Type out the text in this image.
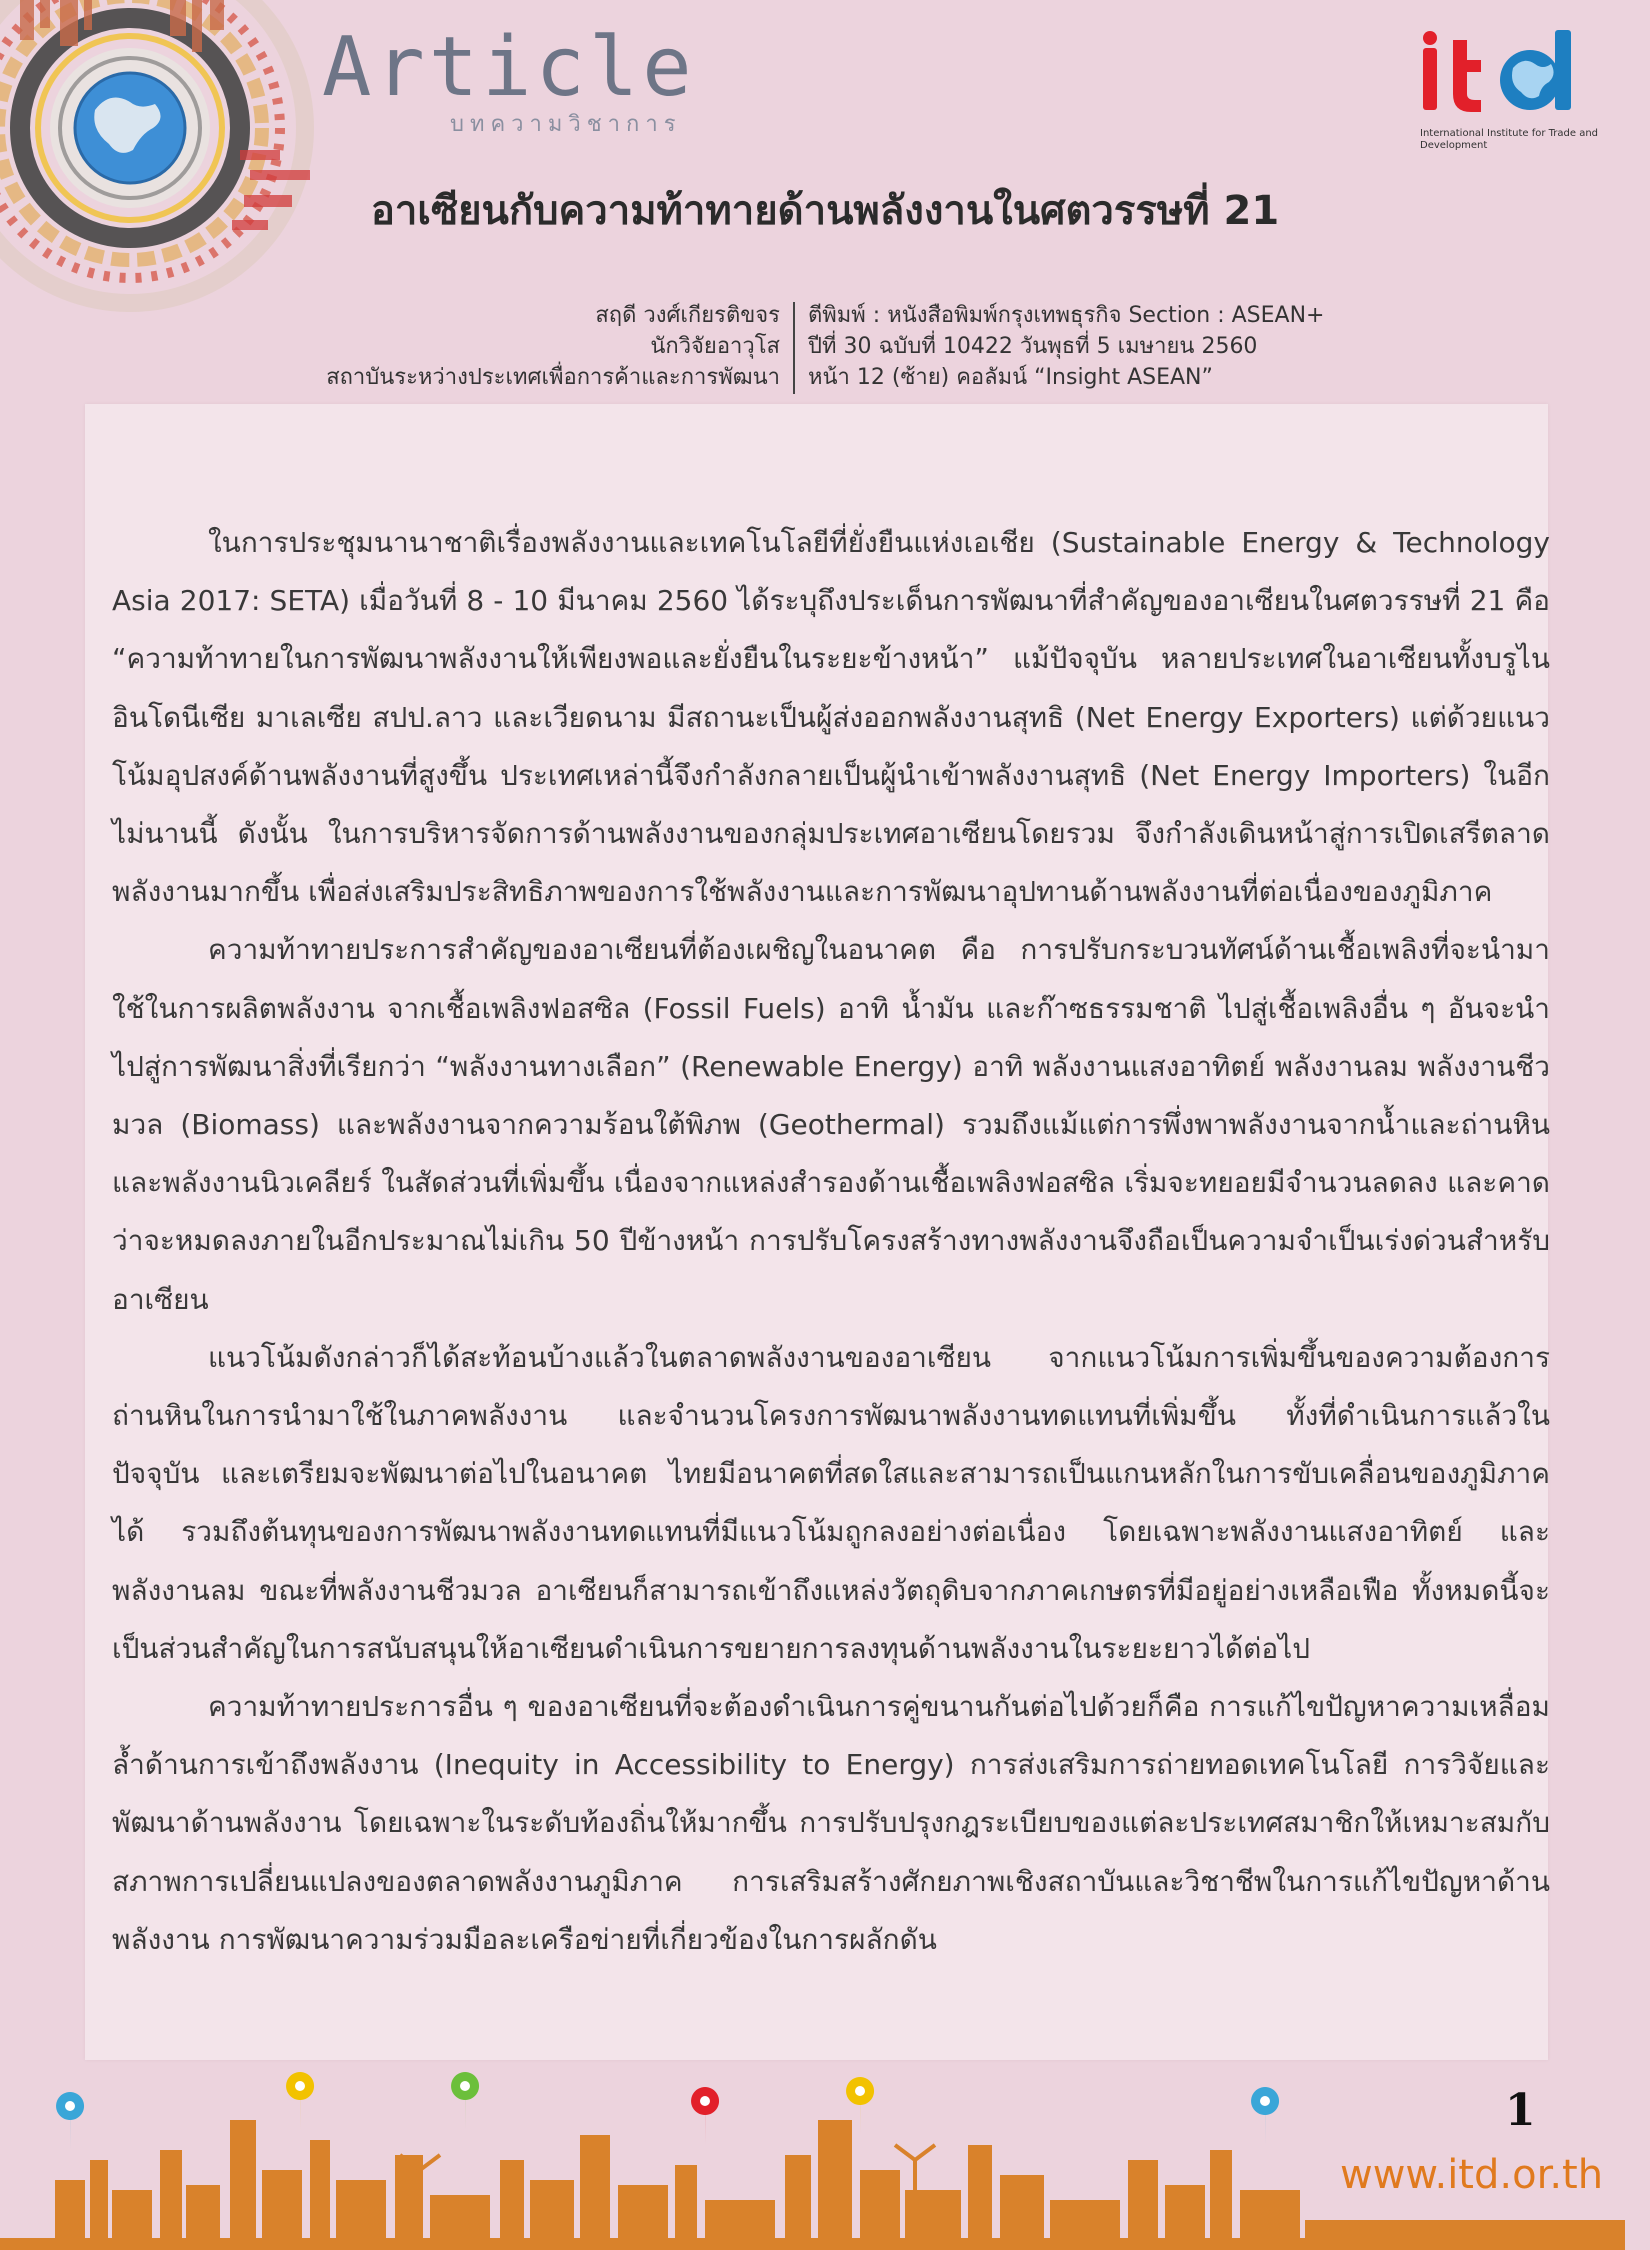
Article
บทความวิชาการ	International Institute for Trade and Development
อาเซียนกับความท้าทายด้านพลังงานในศตวรรษที่ 21
สฤดี วงศ์เกียรติขจร
นักวิจัยอาวุโส
สถาบันระหว่างประเทศเพื่อการค้าและการพัฒนา
ตีพิมพ์ : หนังสือพิมพ์กรุงเทพธุรกิจ Section : ASEAN+
ปีที่ 30 ฉบับที่ 10422 วันพุธที่ 5 เมษายน 2560
หน้า 12 (ซ้าย) คอลัมน์ “Insight ASEAN”

ในการประชุมนานาชาติเรื่องพลังงานและเทคโนโลยีที่ยั่งยืนแห่งเอเชีย (Sustainable Energy & Technology Asia 2017: SETA) เมื่อวันที่ 8 - 10 มีนาคม 2560 ได้ระบุถึงประเด็นการพัฒนาที่สำคัญของอาเซียนในศตวรรษที่ 21 คือ “ความท้าทายในการพัฒนาพลังงานให้เพียงพอและยั่งยืนในระยะข้างหน้า” แม้ปัจจุบัน หลายประเทศในอาเซียนทั้งบรูไน อินโดนีเซีย มาเลเซีย สปป.ลาว และเวียดนาม มีสถานะเป็นผู้ส่งออกพลังงานสุทธิ (Net Energy Exporters) แต่ด้วยแนวโน้มอุปสงค์ด้านพลังงานที่สูงขึ้น ประเทศเหล่านี้จึงกำลังกลายเป็นผู้นำเข้าพลังงานสุทธิ (Net Energy Importers) ในอีกไม่นานนี้ ดังนั้น ในการบริหารจัดการด้านพลังงานของกลุ่มประเทศอาเซียนโดยรวม จึงกำลังเดินหน้าสู่การเปิดเสรีตลาดพลังงานมากขึ้น เพื่อส่งเสริมประสิทธิภาพของการใช้พลังงานและการพัฒนาอุปทานด้านพลังงานที่ต่อเนื่องของภูมิภาค

ความท้าทายประการสำคัญของอาเซียนที่ต้องเผชิญในอนาคต คือ การปรับกระบวนทัศน์ด้านเชื้อเพลิงที่จะนำมาใช้ในการผลิตพลังงาน จากเชื้อเพลิงฟอสซิล (Fossil Fuels) อาทิ น้ำมัน และก๊าซธรรมชาติ ไปสู่เชื้อเพลิงอื่น ๆ อันจะนำไปสู่การพัฒนาสิ่งที่เรียกว่า “พลังงานทางเลือก” (Renewable Energy) อาทิ พลังงานแสงอาทิตย์ พลังงานลม พลังงานชีวมวล (Biomass) และพลังงานจากความร้อนใต้พิภพ (Geothermal) รวมถึงแม้แต่การพึ่งพาพลังงานจากน้ำและถ่านหิน และพลังงานนิวเคลียร์ ในสัดส่วนที่เพิ่มขึ้น เนื่องจากแหล่งสำรองด้านเชื้อเพลิงฟอสซิล เริ่มจะทยอยมีจำนวนลดลง และคาดว่าจะหมดลงภายในอีกประมาณไม่เกิน 50 ปีข้างหน้า การปรับโครงสร้างทางพลังงานจึงถือเป็นความจำเป็นเร่งด่วนสำหรับอาเซียน

แนวโน้มดังกล่าวก็ได้สะท้อนบ้างแล้วในตลาดพลังงานของอาเซียน จากแนวโน้มการเพิ่มขึ้นของความต้องการถ่านหินในการนำมาใช้ในภาคพลังงาน และจำนวนโครงการพัฒนาพลังงานทดแทนที่เพิ่มขึ้น ทั้งที่ดำเนินการแล้วในปัจจุบัน และเตรียมจะพัฒนาต่อไปในอนาคต ไทยมีอนาคตที่สดใสและสามารถเป็นแกนหลักในการขับเคลื่อนของภูมิภาคได้ รวมถึงต้นทุนของการพัฒนาพลังงานทดแทนที่มีแนวโน้มถูกลงอย่างต่อเนื่อง โดยเฉพาะพลังงานแสงอาทิตย์ และพลังงานลม ขณะที่พลังงานชีวมวล อาเซียนก็สามารถเข้าถึงแหล่งวัตถุดิบจากภาคเกษตรที่มีอยู่อย่างเหลือเฟือ ทั้งหมดนี้จะเป็นส่วนสำคัญในการสนับสนุนให้อาเซียนดำเนินการขยายการลงทุนด้านพลังงานในระยะยาวได้ต่อไป

ความท้าทายประการอื่น ๆ ของอาเซียนที่จะต้องดำเนินการคู่ขนานกันต่อไปด้วยก็คือ การแก้ไขปัญหาความเหลื่อมล้ำด้านการเข้าถึงพลังงาน (Inequity in Accessibility to Energy) การส่งเสริมการถ่ายทอดเทคโนโลยี การวิจัยและพัฒนาด้านพลังงาน โดยเฉพาะในระดับท้องถิ่นให้มากขึ้น การปรับปรุงกฎระเบียบของแต่ละประเทศสมาชิกให้เหมาะสมกับสภาพการเปลี่ยนแปลงของตลาดพลังงานภูมิภาค การเสริมสร้างศักยภาพเชิงสถาบันและวิชาชีพในการแก้ไขปัญหาด้านพลังงาน การพัฒนาความร่วมมือละเครือข่ายที่เกี่ยวข้องในการผลักดัน

1
www.itd.or.th
